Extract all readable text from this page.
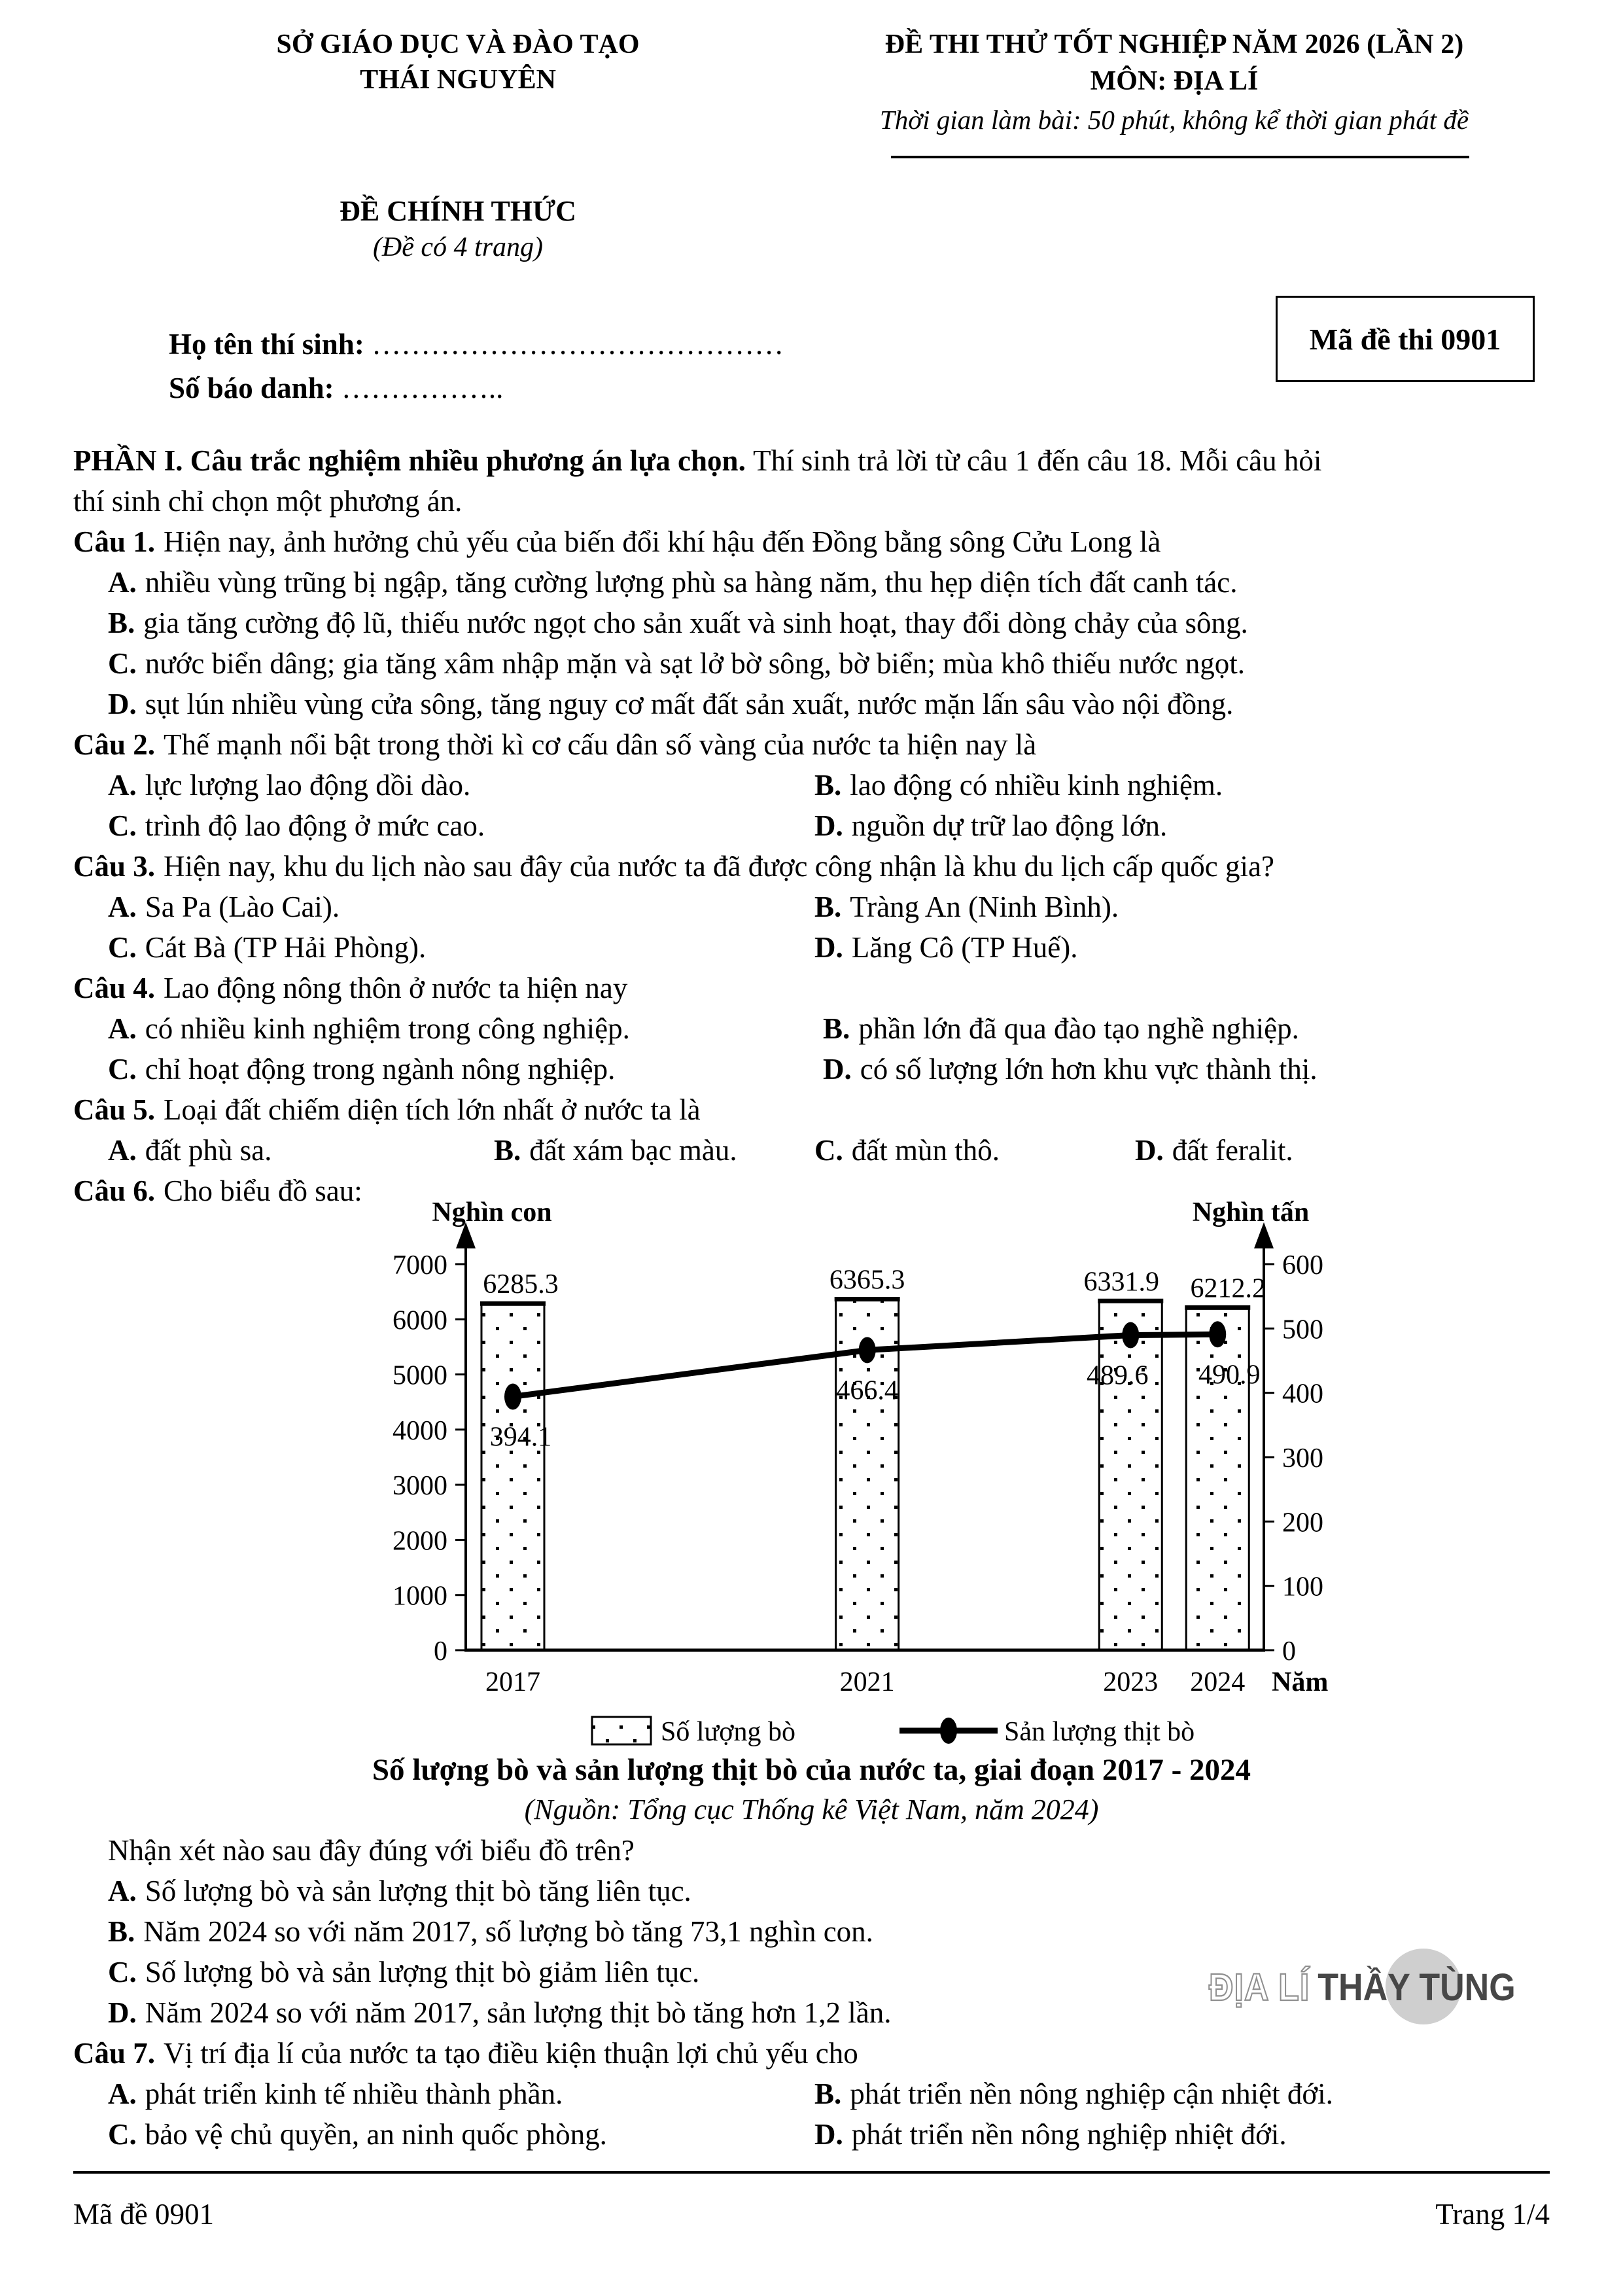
SỞ GIÁO DỤC VÀ ĐÀO TẠO
THÁI NGUYÊN
ĐỀ CHÍNH THỨC
(Đề có 4 trang)
ĐỀ THI THỬ TỐT NGHIỆP NĂM 2026 (LẦN 2)
MÔN: ĐỊA LÍ
Thời gian làm bài: 50 phút, không kể thời gian phát đề
Họ tên thí sinh: ……………………………………
Số báo danh: ……………..
Mã đề thi 0901
PHẦN I. Câu trắc nghiệm nhiều phương án lựa chọn. Thí sinh trả lời từ câu 1 đến câu 18. Mỗi câu hỏi
thí sinh chỉ chọn một phương án.
Câu 1. Hiện nay, ảnh hưởng chủ yếu của biến đổi khí hậu đến Đồng bằng sông Cửu Long là
A. nhiều vùng trũng bị ngập, tăng cường lượng phù sa hàng năm, thu hẹp diện tích đất canh tác.
B. gia tăng cường độ lũ, thiếu nước ngọt cho sản xuất và sinh hoạt, thay đổi dòng chảy của sông.
C. nước biển dâng; gia tăng xâm nhập mặn và sạt lở bờ sông, bờ biển; mùa khô thiếu nước ngọt.
D. sụt lún nhiều vùng cửa sông, tăng nguy cơ mất đất sản xuất, nước mặn lấn sâu vào nội đồng.
Câu 2. Thế mạnh nổi bật trong thời kì cơ cấu dân số vàng của nước ta hiện nay là
A. lực lượng lao động dồi dào.	B. lao động có nhiều kinh nghiệm.
C. trình độ lao động ở mức cao.	D. nguồn dự trữ lao động lớn.
Câu 3. Hiện nay, khu du lịch nào sau đây của nước ta đã được công nhận là khu du lịch cấp quốc gia?
A. Sa Pa (Lào Cai).	B. Tràng An (Ninh Bình).
C. Cát Bà (TP Hải Phòng).	D. Lăng Cô (TP Huế).
Câu 4. Lao động nông thôn ở nước ta hiện nay
A. có nhiều kinh nghiệm trong công nghiệp.	B. phần lớn đã qua đào tạo nghề nghiệp.
C. chỉ hoạt động trong ngành nông nghiệp.	D. có số lượng lớn hơn khu vực thành thị.
Câu 5. Loại đất chiếm diện tích lớn nhất ở nước ta là
A. đất phù sa.	B. đất xám bạc màu.	C. đất mùn thô.	D. đất feralit.
Câu 6. Cho biểu đồ sau:
0
1000
2000
3000
4000
5000
6000
7000
0
100
200
300
400
500
600
Nghìn con	Nghìn tấn
6285.3	6365.3	6331.9 6212.2
394.1
466.4	489.6 490.9
2017	2021	2023 2024 Năm
Số lượng bò	Sản lượng thịt bò
Số lượng bò và sản lượng thịt bò của nước ta, giai đoạn 2017 - 2024
(Nguồn: Tổng cục Thống kê Việt Nam, năm 2024)
Nhận xét nào sau đây đúng với biểu đồ trên?
A. Số lượng bò và sản lượng thịt bò tăng liên tục.
B. Năm 2024 so với năm 2017, số lượng bò tăng 73,1 nghìn con.
C. Số lượng bò và sản lượng thịt bò giảm liên tục.
D. Năm 2024 so với năm 2017, sản lượng thịt bò tăng hơn 1,2 lần.
ĐỊA LÍ THẦY TÙNG
Câu 7. Vị trí địa lí của nước ta tạo điều kiện thuận lợi chủ yếu cho
A. phát triển kinh tế nhiều thành phần.	B. phát triển nền nông nghiệp cận nhiệt đới.
C. bảo vệ chủ quyền, an ninh quốc phòng.	D. phát triển nền nông nghiệp nhiệt đới.
Mã đề 0901	Trang 1/4
